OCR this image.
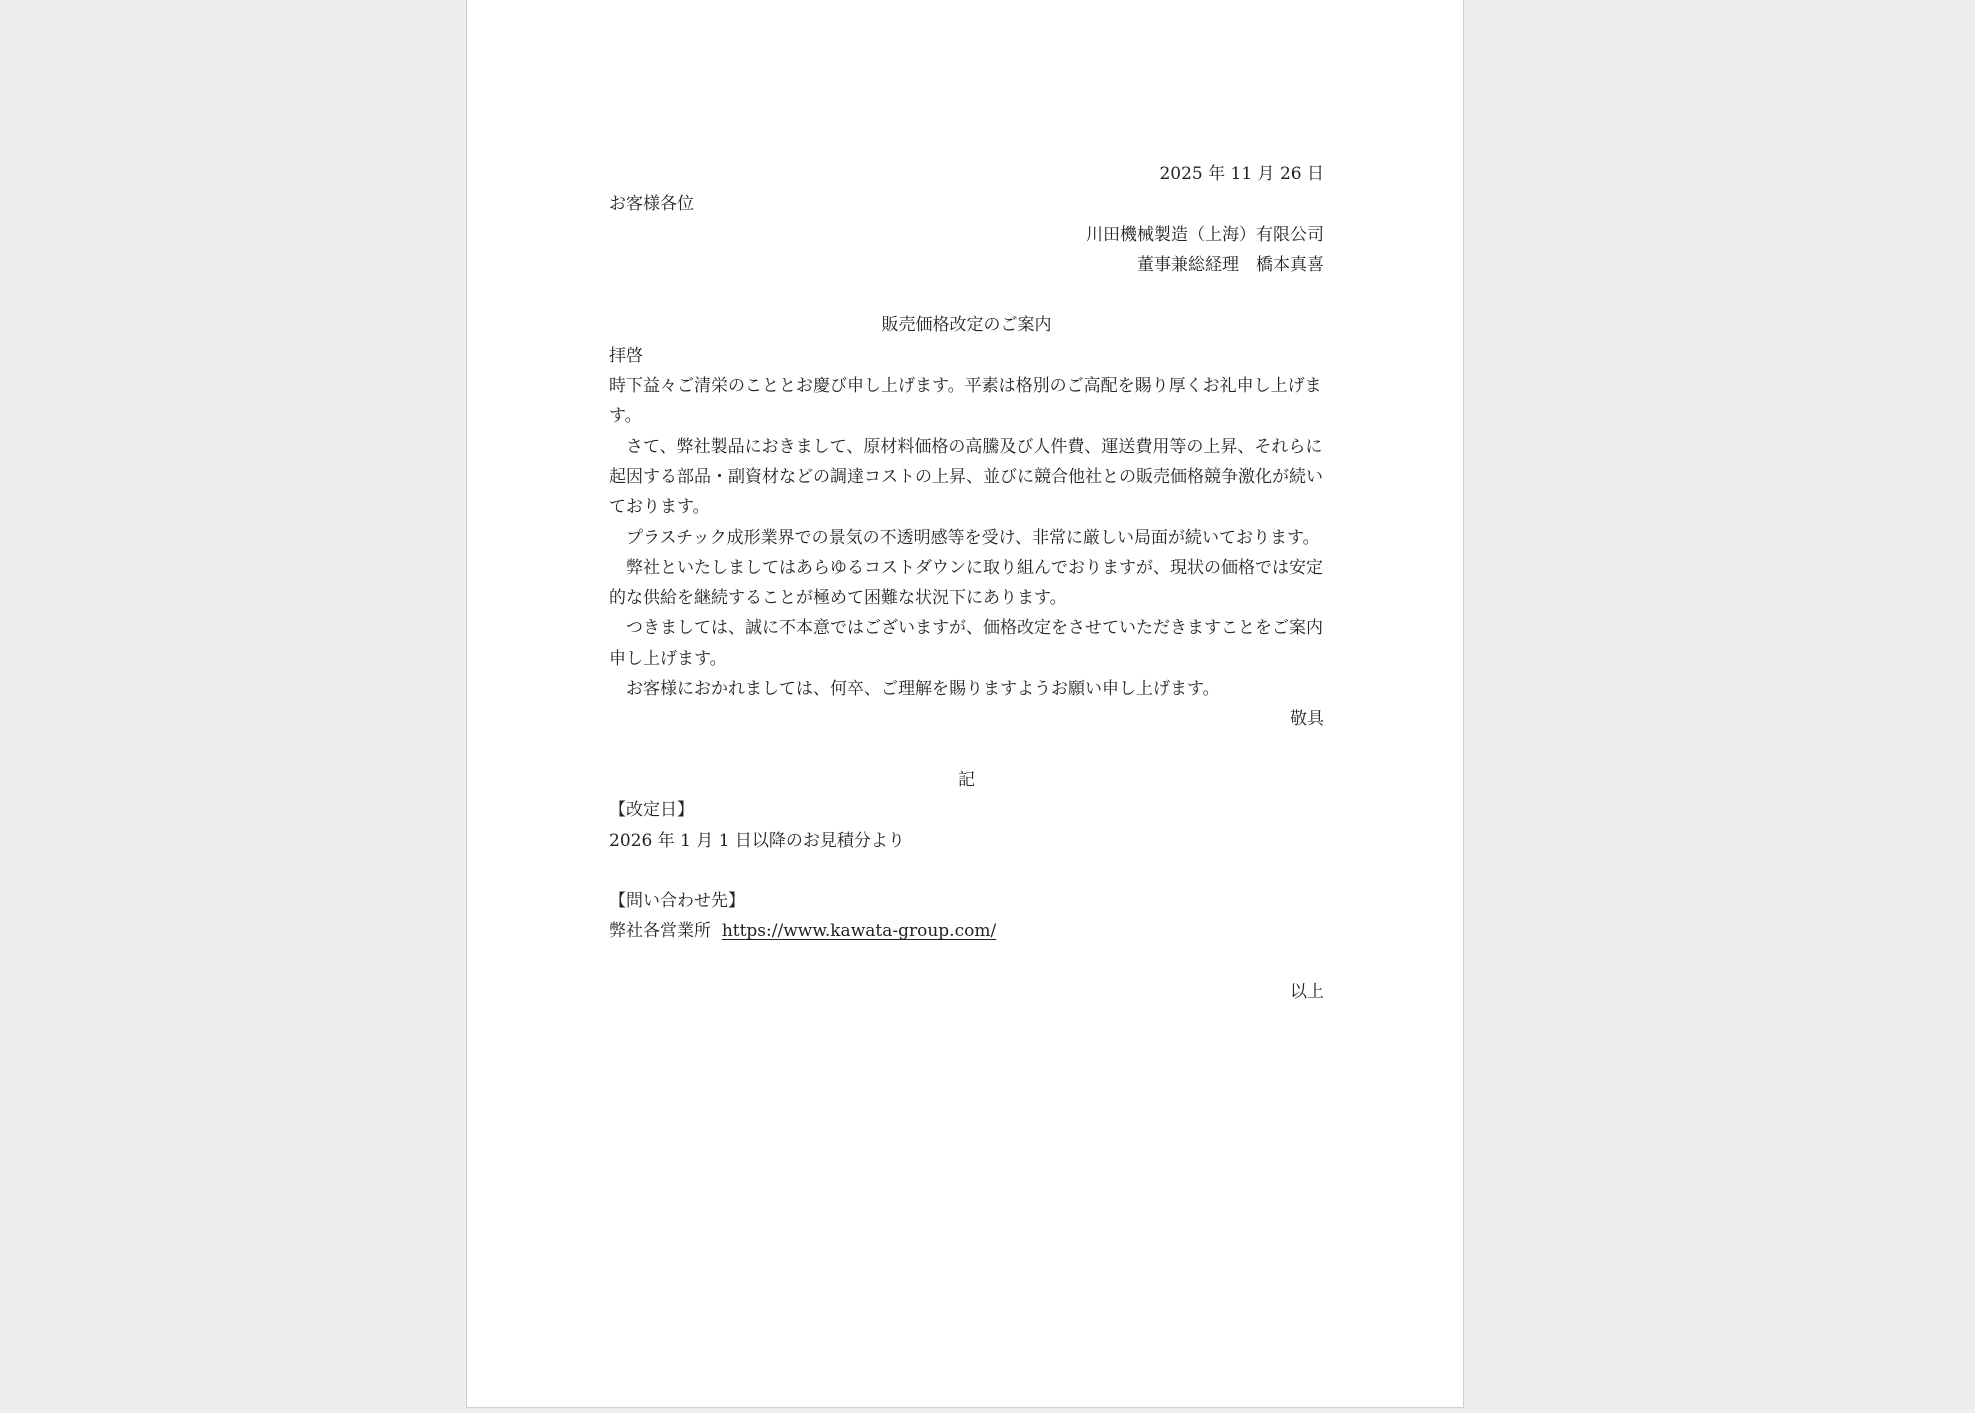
2025 年 11 月 26 日
お客様各位
川田機械製造（上海）有限公司
董事兼総経理　橋本真喜
販売価格改定のご案内
拝啓
時下益々ご清栄のこととお慶び申し上げます。平素は格別のご高配を賜り厚くお礼申し上げます。
さて、弊社製品におきまして、原材料価格の高騰及び人件費、運送費用等の上昇、それらに起因する部品・副資材などの調達コストの上昇、並びに競合他社との販売価格競争激化が続いております。
プラスチック成形業界での景気の不透明感等を受け、非常に厳しい局面が続いております。
弊社といたしましてはあらゆるコストダウンに取り組んでおりますが、現状の価格では安定的な供給を継続することが極めて困難な状況下にあります。
つきましては、誠に不本意ではございますが、価格改定をさせていただきますことをご案内申し上げます。
お客様におかれましては、何卒、ご理解を賜りますようお願い申し上げます。
敬具
記
【改定日】
2026 年 1 月 1 日以降のお見積分より
【問い合わせ先】
弊社各営業所 https://www.kawata-group.com/
以上
